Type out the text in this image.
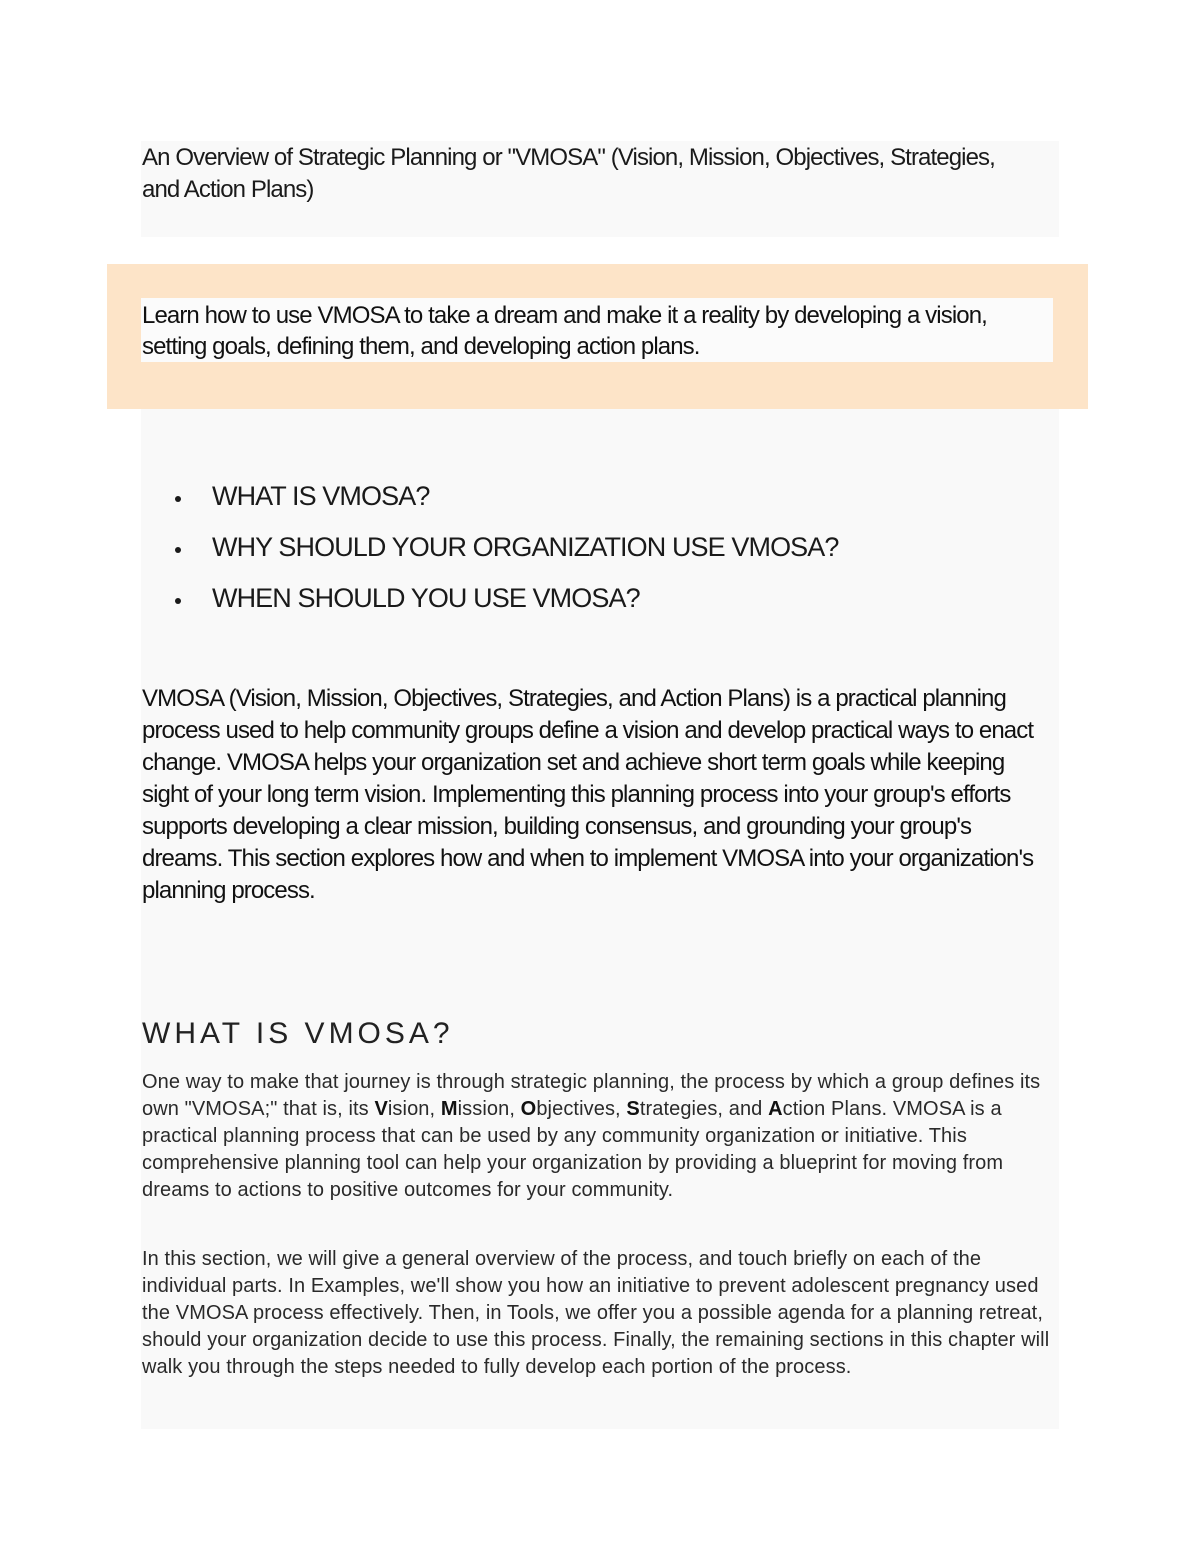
An Overview of Strategic Planning or "VMOSA" (Vision, Mission, Objectives, Strategies, and Action Plans)

Learn how to use VMOSA to take a dream and make it a reality by developing a vision, setting goals, defining them, and developing action plans.

WHAT IS VMOSA?
WHY SHOULD YOUR ORGANIZATION USE VMOSA?
WHEN SHOULD YOU USE VMOSA?

VMOSA (Vision, Mission, Objectives, Strategies, and Action Plans) is a practical planning process used to help community groups define a vision and develop practical ways to enact change. VMOSA helps your organization set and achieve short term goals while keeping sight of your long term vision. Implementing this planning process into your group's efforts supports developing a clear mission, building consensus, and grounding your group's dreams. This section explores how and when to implement VMOSA into your organization's planning process.

WHAT IS VMOSA?

One way to make that journey is through strategic planning, the process by which a group defines its own "VMOSA;" that is, its Vision, Mission, Objectives, Strategies, and Action Plans. VMOSA is a practical planning process that can be used by any community organization or initiative. This comprehensive planning tool can help your organization by providing a blueprint for moving from dreams to actions to positive outcomes for your community.

In this section, we will give a general overview of the process, and touch briefly on each of the individual parts. In Examples, we'll show you how an initiative to prevent adolescent pregnancy used the VMOSA process effectively. Then, in Tools, we offer you a possible agenda for a planning retreat, should your organization decide to use this process. Finally, the remaining sections in this chapter will walk you through the steps needed to fully develop each portion of the process.
